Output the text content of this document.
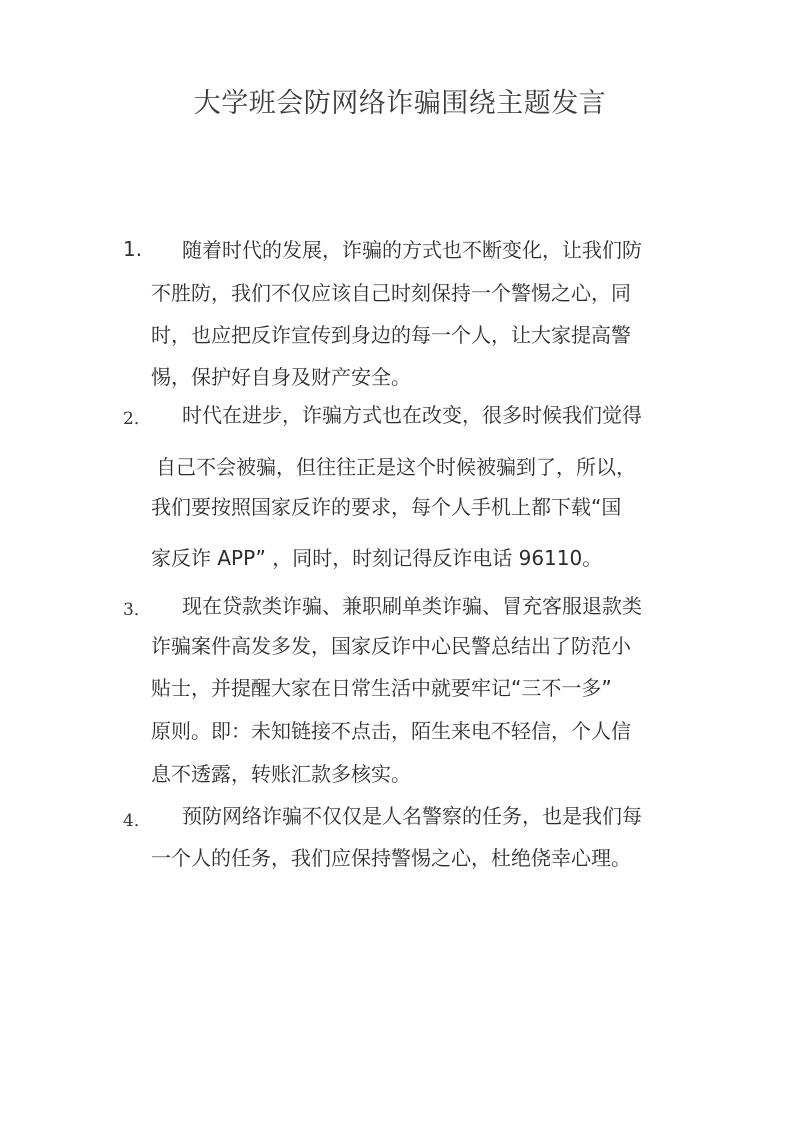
大学班会防网络诈骗围绕主题发言
1. 随着时代的发展，诈骗的方式也不断变化，让我们防
不胜防，我们不仅应该自己时刻保持一个警惕之心，同
时，也应把反诈宣传到身边的每一个人，让大家提高警
惕，保护好自身及财产安全。
2． 时代在进步，诈骗方式也在改变，很多时候我们觉得
自己不会被骗，但往往正是这个时候被骗到了，所以，
我们要按照国家反诈的要求，每个人手机上都下载“国
家反诈 APP” ，同时，时刻记得反诈电话 96110。
3． 现在贷款类诈骗、兼职刷单类诈骗、冒充客服退款类
诈骗案件高发多发，国家反诈中心民警总结出了防范小
贴士，并提醒大家在日常生活中就要牢记“三不一多”
原则。即：未知链接不点击，陌生来电不轻信，个人信
息不透露，转账汇款多核实。
4． 预防网络诈骗不仅仅是人名警察的任务，也是我们每
一个人的任务，我们应保持警惕之心，杜绝侥幸心理。
